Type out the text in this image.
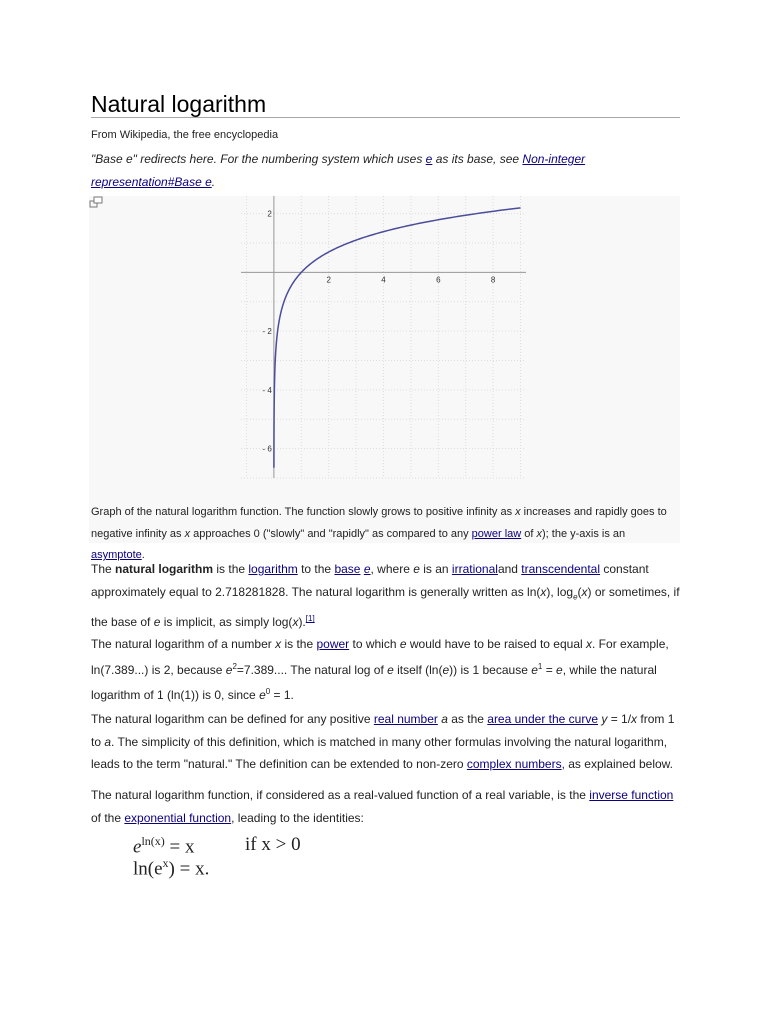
Natural logarithm
From Wikipedia, the free encyclopedia
"Base e" redirects here. For the numbering system which uses e as its base, see Non-integer representation#Base e.
2	4	6	8
2
- 2
- 4
- 6
Graph of the natural logarithm function. The function slowly grows to positive infinity as x increases and rapidly goes to negative infinity as x approaches 0 ("slowly" and "rapidly" as compared to any power law of x); the y-axis is an asymptote.

The natural logarithm is the logarithm to the base e, where e is an irrationaland transcendental constant approximately equal to 2.718281828. The natural logarithm is generally written as ln(x), $\log_e(x)$ or sometimes, if the base of e is implicit, as simply log(x).[1]

The natural logarithm of a number x is the power to which e would have to be raised to equal x. For example, ln(7.389...) is 2, because $e^2=7.389$.... The natural log of e itself (ln(e)) is 1 because $e^1 = e$, while the natural logarithm of 1 (ln(1)) is 0, since $e^0 = 1$.

The natural logarithm can be defined for any positive real number a as the area under the curve y = 1/x from 1 to a. The simplicity of this definition, which is matched in many other formulas involving the natural logarithm, leads to the term "natural." The definition can be extended to non-zero complex numbers, as explained below.

The natural logarithm function, if considered as a real-valued function of a real variable, is the inverse function of the exponential function, leading to the identities:

$e^{ln(x)} = x$	if x > 0
$\ln(e^x) = x$.
